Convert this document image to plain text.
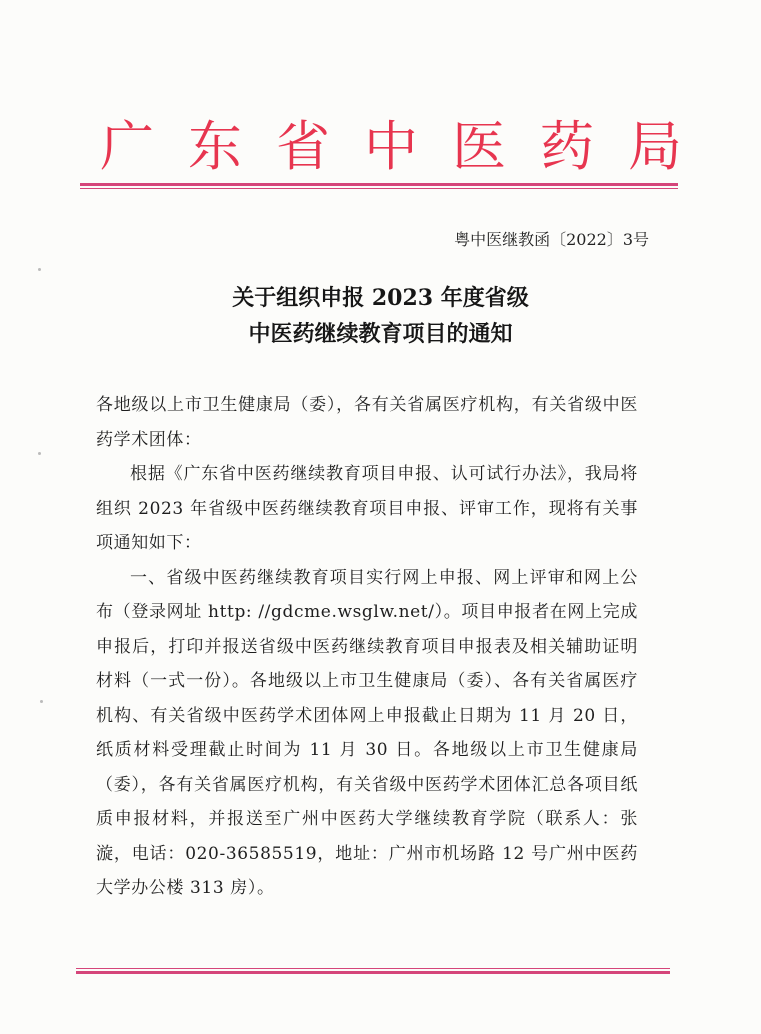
广东省中医药局
粤中医继教函〔2022〕3号
关于组织申报 2023 年度省级
中医药继续教育项目的通知

各地级以上市卫生健康局（委），各有关省属医疗机构，有关省级中医药学术团体：

根据《广东省中医药继续教育项目申报、认可试行办法》，我局将组织 2023 年省级中医药继续教育项目申报、评审工作，现将有关事项通知如下：

一、省级中医药继续教育项目实行网上申报、网上评审和网上公布（登录网址 http: //gdcme.wsglw.net/）。项目申报者在网上完成申报后，打印并报送省级中医药继续教育项目申报表及相关辅助证明材料（一式一份）。各地级以上市卫生健康局（委）、各有关省属医疗机构、有关省级中医药学术团体网上申报截止日期为 11 月 20 日，纸质材料受理截止时间为 11 月 30 日。各地级以上市卫生健康局（委），各有关省属医疗机构，有关省级中医药学术团体汇总各项目纸质申报材料，并报送至广州中医药大学继续教育学院（联系人：张漩，电话：020-36585519，地址：广州市机场路 12 号广州中医药大学办公楼 313 房）。
